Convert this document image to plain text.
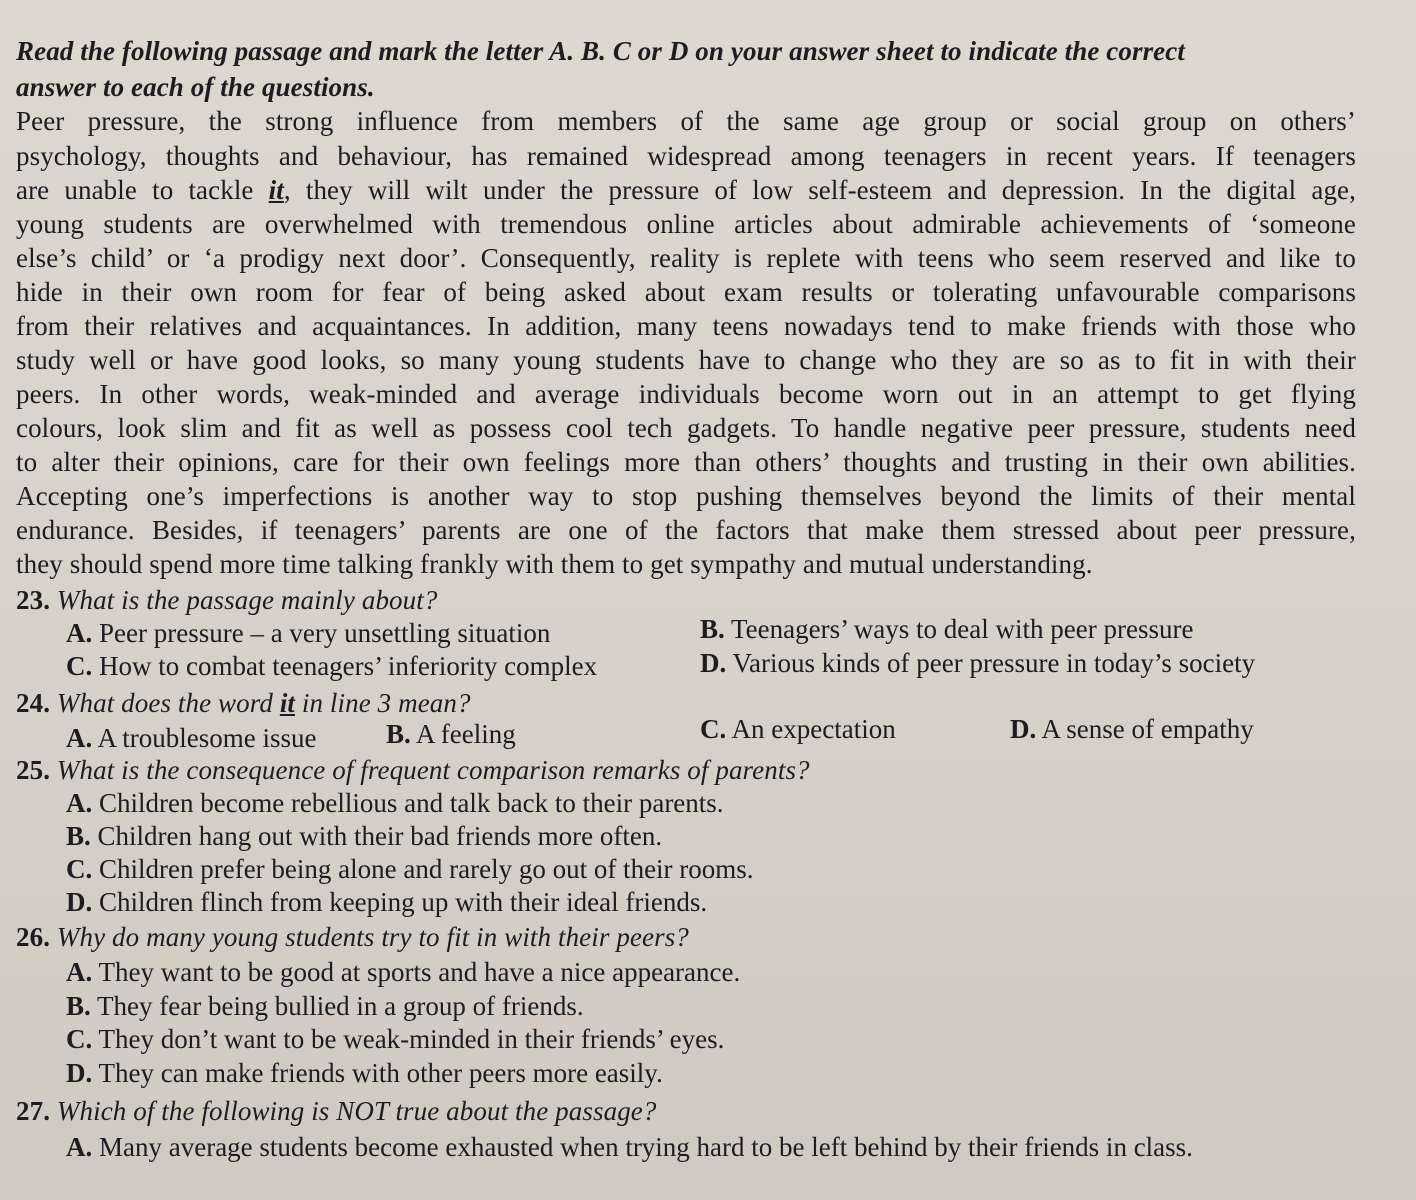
Read the following passage and mark the letter A. B. C or D on your answer sheet to indicate the correct
answer to each of the questions.
Peer pressure, the strong influence from members of the same age group or social group on others’
psychology, thoughts and behaviour, has remained widespread among teenagers in recent years. If teenagers
are unable to tackle it, they will wilt under the pressure of low self-esteem and depression. In the digital age,
young students are overwhelmed with tremendous online articles about admirable achievements of ‘someone
else’s child’ or ‘a prodigy next door’. Consequently, reality is replete with teens who seem reserved and like to
hide in their own room for fear of being asked about exam results or tolerating unfavourable comparisons
from their relatives and acquaintances. In addition, many teens nowadays tend to make friends with those who
study well or have good looks, so many young students have to change who they are so as to fit in with their
peers. In other words, weak-minded and average individuals become worn out in an attempt to get flying
colours, look slim and fit as well as possess cool tech gadgets. To handle negative peer pressure, students need
to alter their opinions, care for their own feelings more than others’ thoughts and trusting in their own abilities.
Accepting one’s imperfections is another way to stop pushing themselves beyond the limits of their mental
endurance. Besides, if teenagers’ parents are one of the factors that make them stressed about peer pressure,
they should spend more time talking frankly with them to get sympathy and mutual understanding.
23. What is the passage mainly about?
A. Peer pressure – a very unsettling situation	B. Teenagers’ ways to deal with peer pressure
C. How to combat teenagers’ inferiority complex	D. Various kinds of peer pressure in today’s society
24. What does the word it in line 3 mean?
A. A troublesome issue	B. A feeling	C. An expectation	D. A sense of empathy
25. What is the consequence of frequent comparison remarks of parents?
A. Children become rebellious and talk back to their parents.
B. Children hang out with their bad friends more often.
C. Children prefer being alone and rarely go out of their rooms.
D. Children flinch from keeping up with their ideal friends.
26. Why do many young students try to fit in with their peers?
A. They want to be good at sports and have a nice appearance.
B. They fear being bullied in a group of friends.
C. They don’t want to be weak-minded in their friends’ eyes.
D. They can make friends with other peers more easily.
27. Which of the following is NOT true about the passage?
A. Many average students become exhausted when trying hard to be left behind by their friends in class.
